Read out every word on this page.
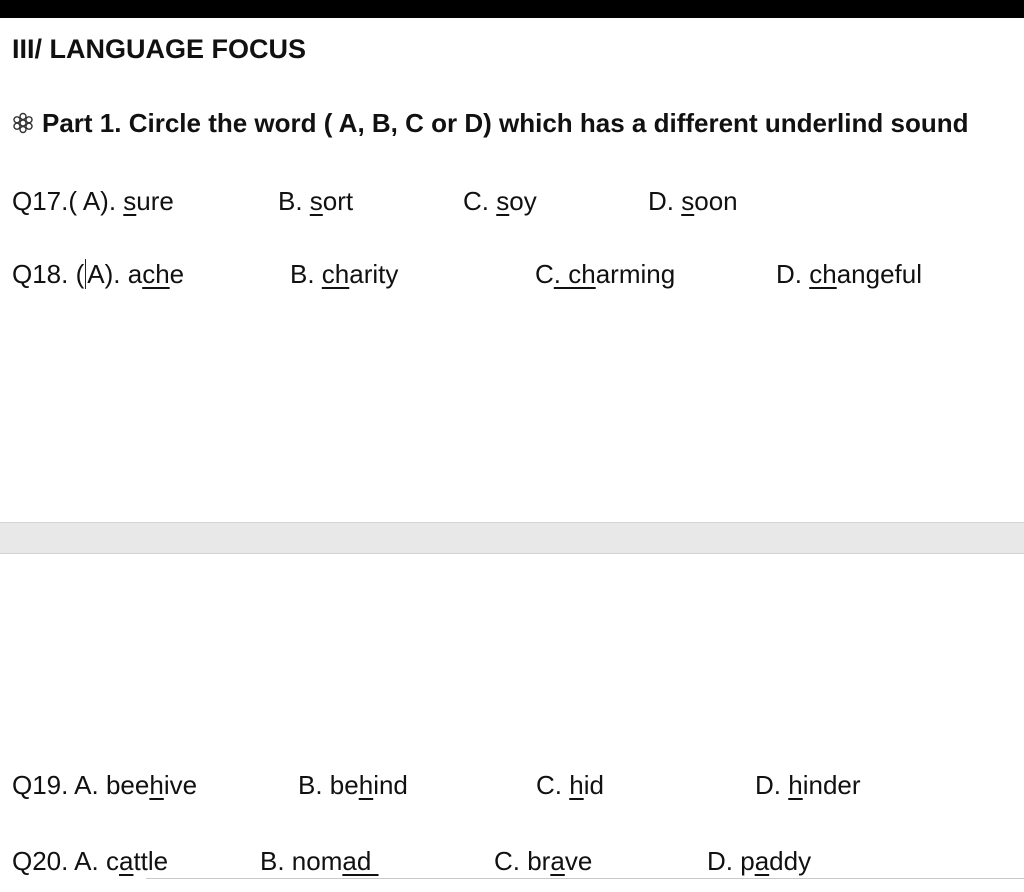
III/ LANGUAGE FOCUS
Part 1. Circle the word ( A, B, C or D) which has a different underlind sound
Q17.( A). sure	B. sort	C. soy	D. soon
Q18. ( A). ache	B. charity	C. charming	D. changeful
Q19. A. beehive	B. behind	C. hid	D. hinder
Q20. A. cattle	B. nomad	C. brave	D. paddy
